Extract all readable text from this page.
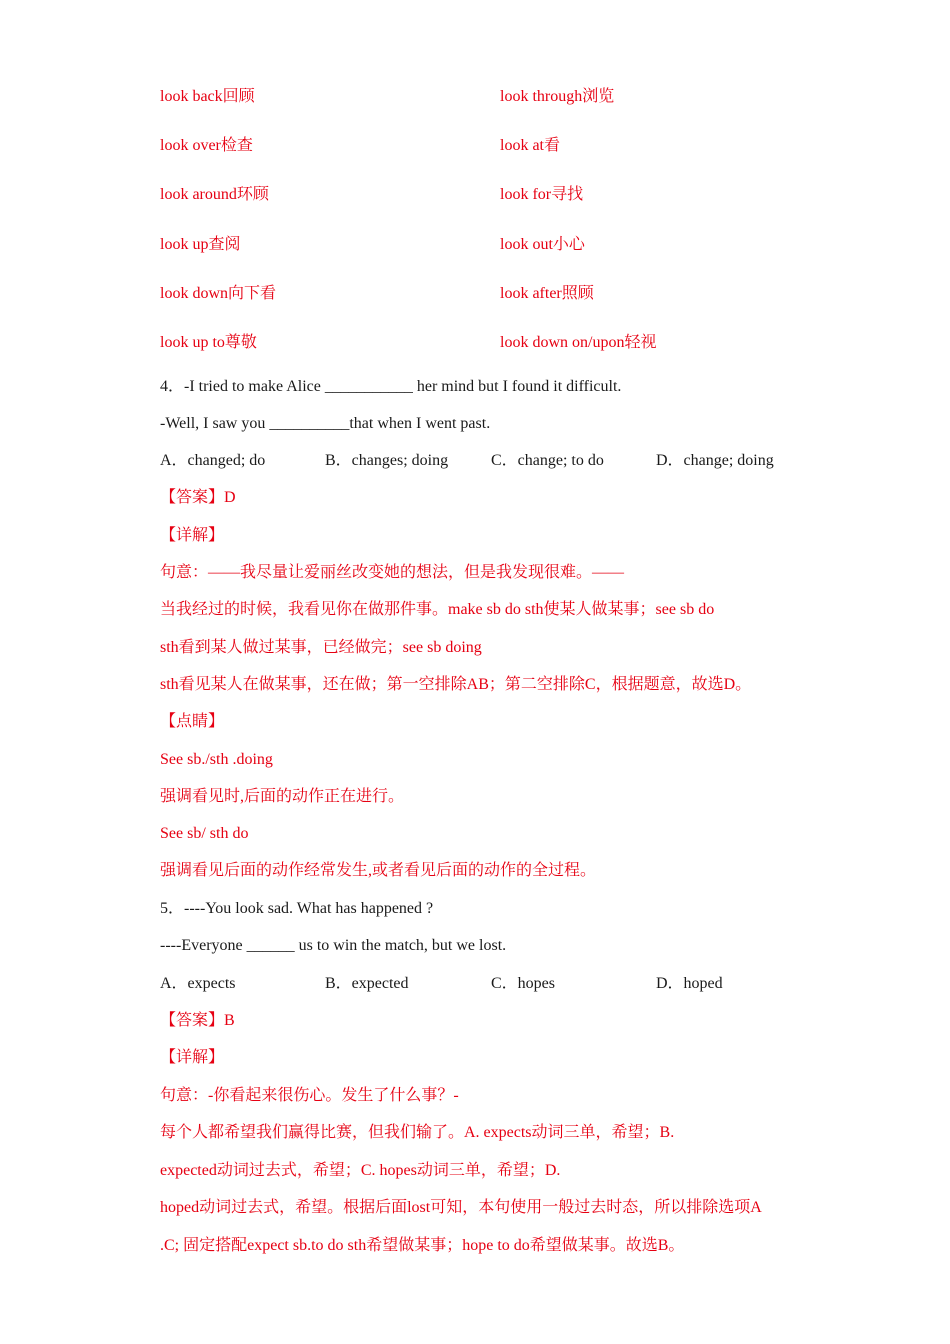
look back回顾	look through浏览
look over检查	look at看
look around环顾	look for寻找
look up查阅	look out小心
look down向下看	look after照顾
look up to尊敬	look down on/upon轻视
4．-I tried to make Alice ___________ her mind but I found it difficult.
-Well, I saw you __________that when I went past.
A．changed; do	B．changes; doing	C．change; to do	D．change; doing
【答案】D
【详解】
句意：——我尽量让爱丽丝改变她的想法，但是我发现很难。——
当我经过的时候，我看见你在做那件事。make sb do sth使某人做某事；see sb do
sth看到某人做过某事，已经做完；see sb doing
sth看见某人在做某事，还在做；第一空排除AB；第二空排除C，根据题意，故选D。
【点睛】
See sb./sth .doing
强调看见时,后面的动作正在进行。
See sb/ sth do
强调看见后面的动作经常发生,或者看见后面的动作的全过程。
5．----You look sad. What has happened ?
----Everyone ______ us to win the match, but we lost.
A．expects	B．expected	C．hopes	D．hoped
【答案】B
【详解】
句意：-你看起来很伤心。发生了什么事？-
每个人都希望我们赢得比赛，但我们输了。A. expects动词三单，希望；B.
expected动词过去式，希望；C. hopes动词三单，希望；D.
hoped动词过去式，希望。根据后面lost可知，本句使用一般过去时态，所以排除选项A
.C; 固定搭配expect sb.to do sth希望做某事；hope to do希望做某事。故选B。
